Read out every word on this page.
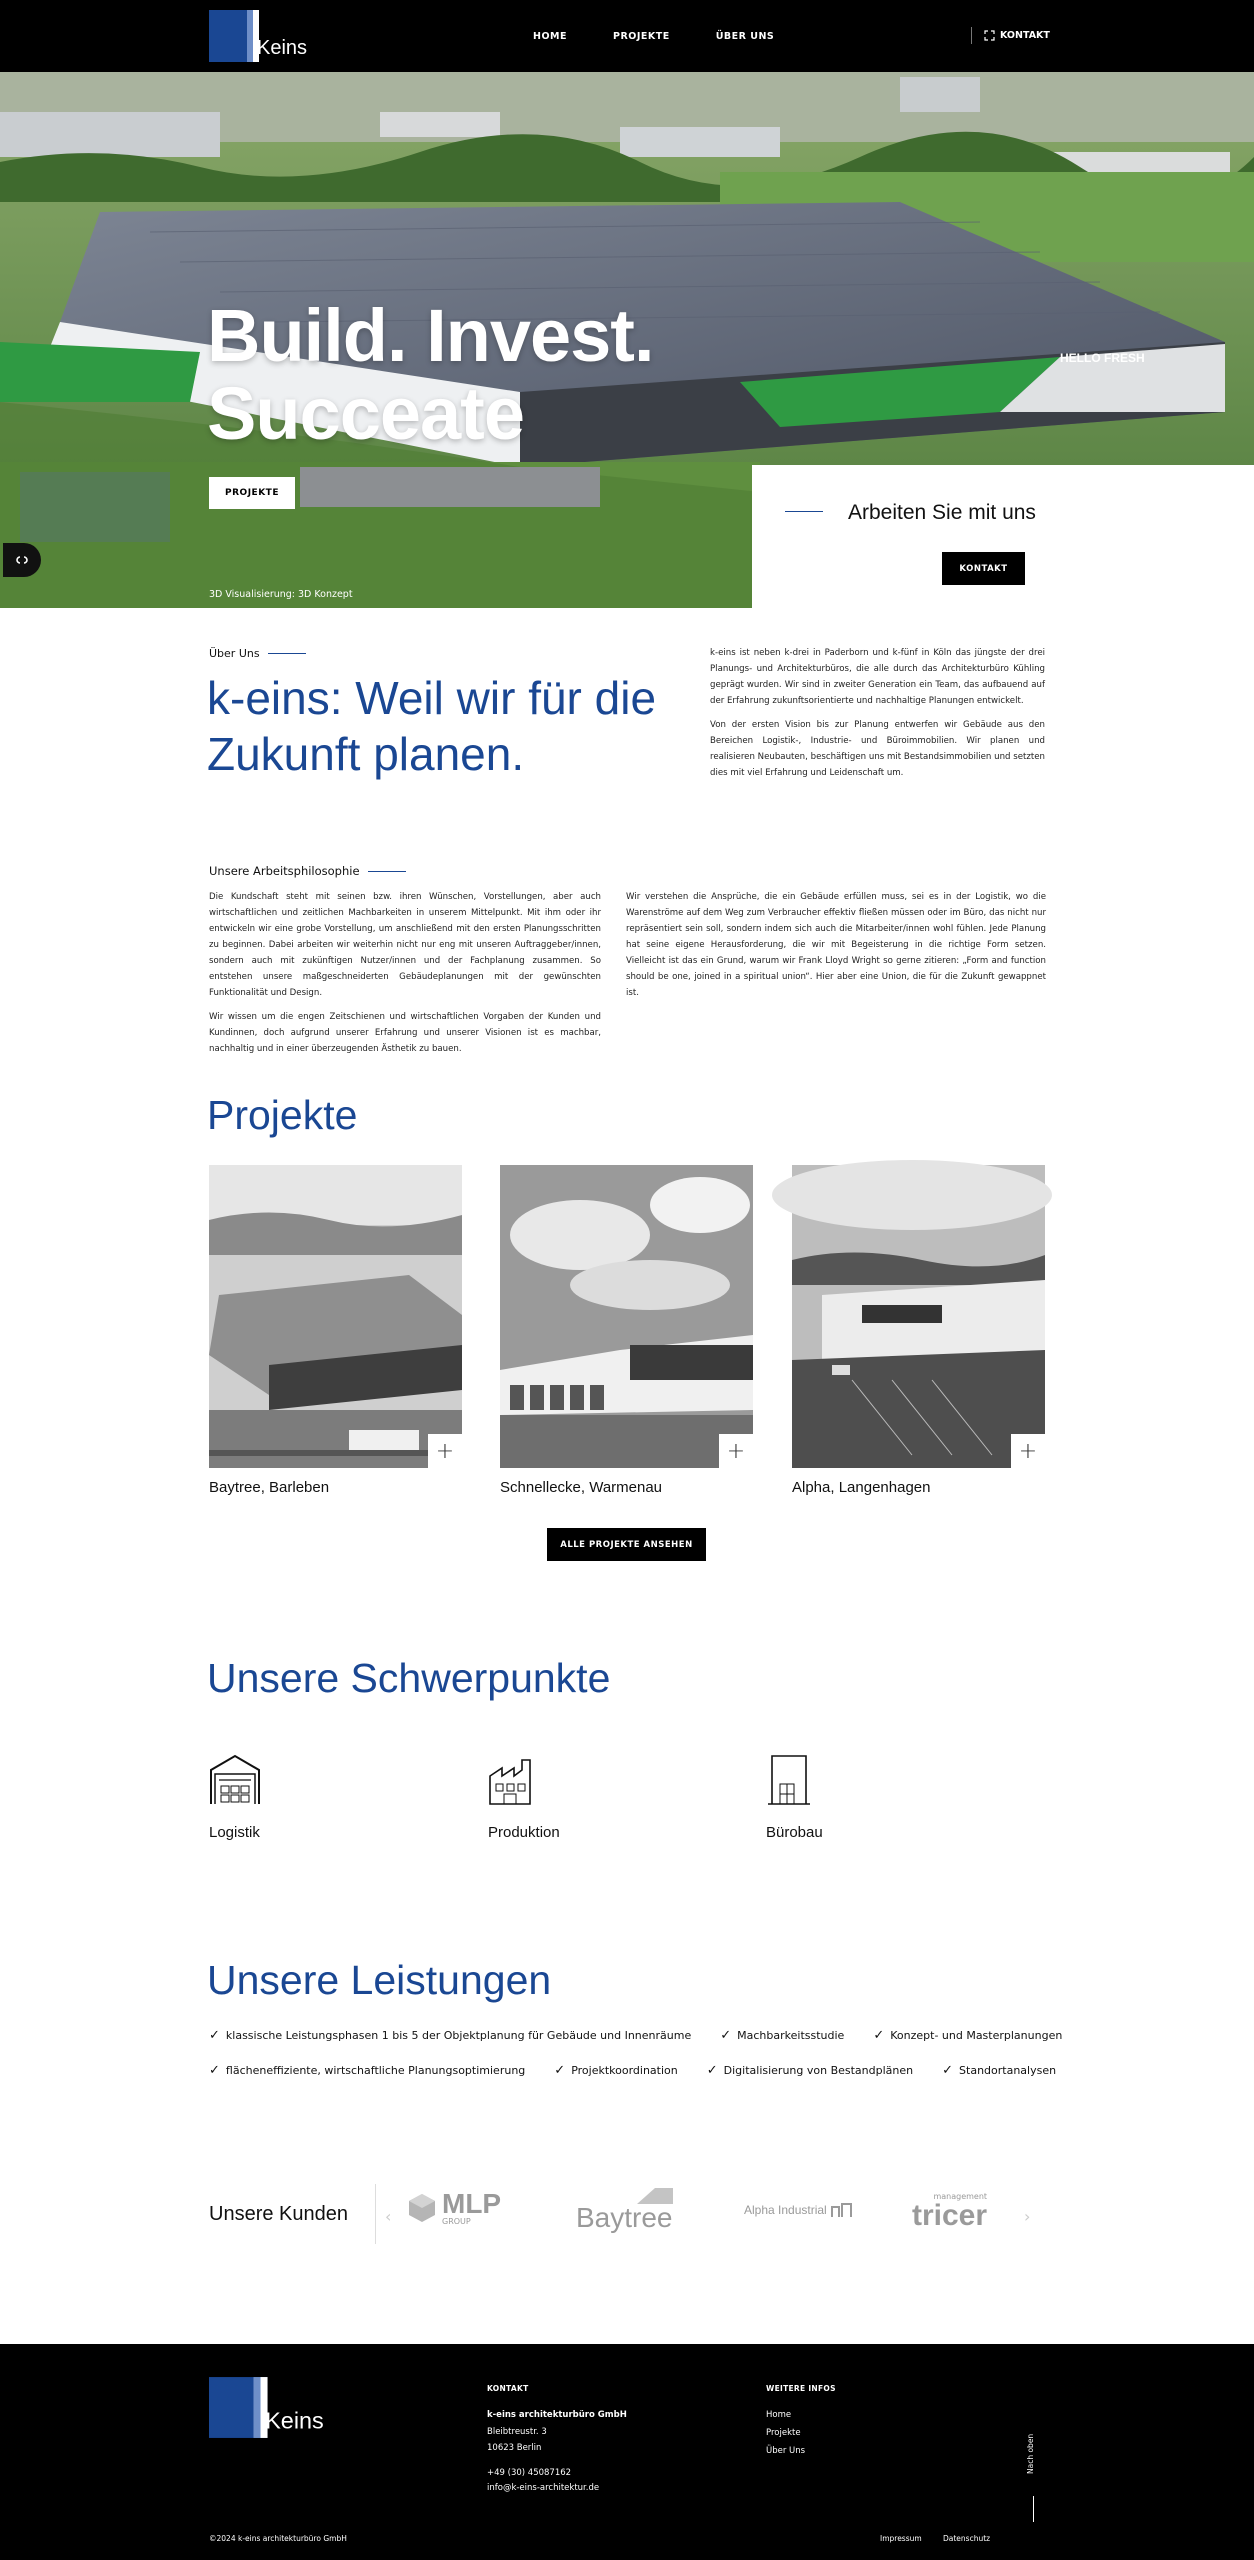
Keins
HOME	PROJEKTE	ÜBER UNS	KONTAKT
HELLO FRESH
Build. Invest.
Succeate
PROJEKTE
3D Visualisierung: 3D Konzept
Arbeiten Sie mit uns
KONTAKT
Über Uns
k-eins: Weil wir für die Zukunft planen.

k-eins ist neben k-drei in Paderborn und k-fünf in Köln das jüngste der drei Planungs- und Architekturbüros, die alle durch das Architekturbüro Kühling geprägt wurden. Wir sind in zweiter Generation ein Team, das aufbauend auf der Erfahrung zukunftsorientierte und nachhaltige Planungen entwickelt.

Von der ersten Vision bis zur Planung entwerfen wir Gebäude aus den Bereichen Logistik-, Industrie- und Büroimmobilien. Wir planen und realisieren Neubauten, beschäftigen uns mit Bestandsimmobilien und setzten dies mit viel Erfahrung und Leidenschaft um.

Unsere Arbeitsphilosophie

Die Kundschaft steht mit seinen bzw. ihren Wünschen, Vorstellungen, aber auch wirtschaftlichen und zeitlichen Machbarkeiten in unserem Mittelpunkt. Mit ihm oder ihr entwickeln wir eine grobe Vorstellung, um anschließend mit den ersten Planungsschritten zu beginnen. Dabei arbeiten wir weiterhin nicht nur eng mit unseren Auftraggeber/innen, sondern auch mit zukünftigen Nutzer/innen und der Fachplanung zusammen. So entstehen unsere maßgeschneiderten Gebäudeplanungen mit der gewünschten Funktionalität und Design.

Wir wissen um die engen Zeitschienen und wirtschaftlichen Vorgaben der Kunden und Kundinnen, doch aufgrund unserer Erfahrung und unserer Visionen ist es machbar, nachhaltig und in einer überzeugenden Ästhetik zu bauen.

Wir verstehen die Ansprüche, die ein Gebäude erfüllen muss, sei es in der Logistik, wo die Warenströme auf dem Weg zum Verbraucher effektiv fließen müssen oder im Büro, das nicht nur repräsentiert sein soll, sondern indem sich auch die Mitarbeiter/innen wohl fühlen. Jede Planung hat seine eigene Herausforderung, die wir mit Begeisterung in die richtige Form setzen. Vielleicht ist das ein Grund, warum wir Frank Lloyd Wright so gerne zitieren: „Form and function should be one, joined in a spiritual union“. Hier aber eine Union, die für die Zukunft gewappnet ist.

Projekte
+
Baytree, Barleben
+
Schnellecke, Warmenau
+
Alpha, Langenhagen
ALLE PROJEKTE ANSEHEN
Unsere Schwerpunkte
Logistik	Produktion	Bürobau
Unsere Leistungen
✓ klassische Leistungsphasen 1 bis 5 der Objektplanung für Gebäude und Innenräume ✓ Machbarkeitsstudie ✓ Konzept- und Masterplanungen
✓ flächeneffiziente, wirtschaftliche Planungsoptimierung ✓ Projektkoordination ✓ Digitalisierung von Bestandplänen ✓ Standortanalysen
Unsere Kunden ‹	›
MLP
GROUP	Baytree	Alpha Industrial
management
tricer
Keins
KONTAKT
k-eins architekturbüro GmbH
Bleibtreustr. 3
10623 Berlin
+49 (30) 45087162
info@k-eins-architektur.de
WEITERE INFOS
Home
Projekte
Über Uns
©2024 k-eins architekturbüro GmbH	Impressum	Datenschutz
Nach oben
